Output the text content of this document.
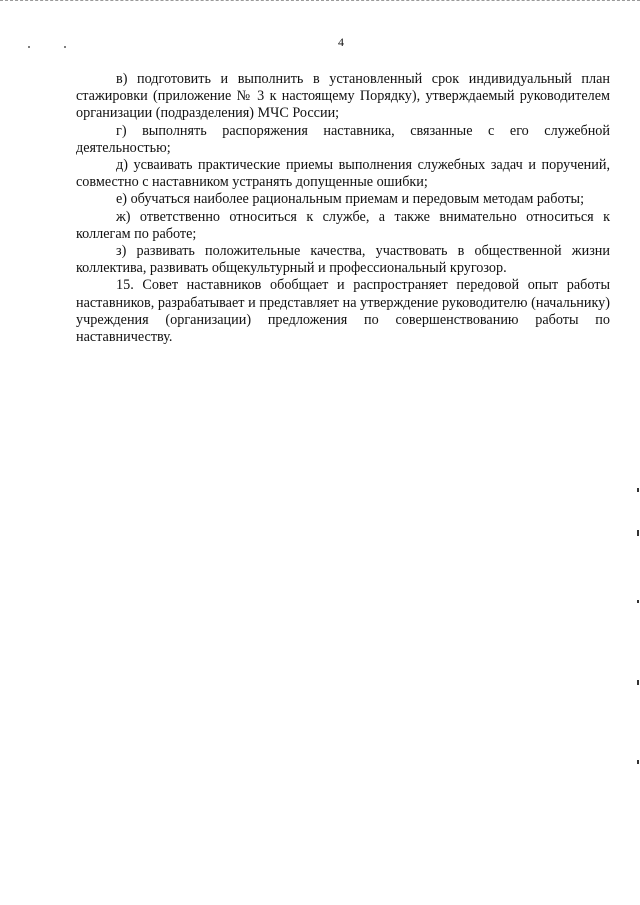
4

в) подготовить и выполнить в установленный срок индивидуальный план стажировки (приложение № 3 к настоящему Порядку), утверждаемый руководителем организации (подразделения) МЧС России;

г) выполнять распоряжения наставника, связанные с его служебной деятельностью;

д) усваивать практические приемы выполнения служебных задач и поручений, совместно с наставником устранять допущенные ошибки;

е) обучаться наиболее рациональным приемам и передовым методам работы;

ж) ответственно относиться к службе, а также внимательно относиться к коллегам по работе;

з) развивать положительные качества, участвовать в общественной жизни коллектива, развивать общекультурный и профессиональный кругозор.

15. Совет наставников обобщает и распространяет передовой опыт работы наставников, разрабатывает и представляет на утверждение руководителю (начальнику) учреждения (организации) предложения по совершенствованию работы по наставничеству.
